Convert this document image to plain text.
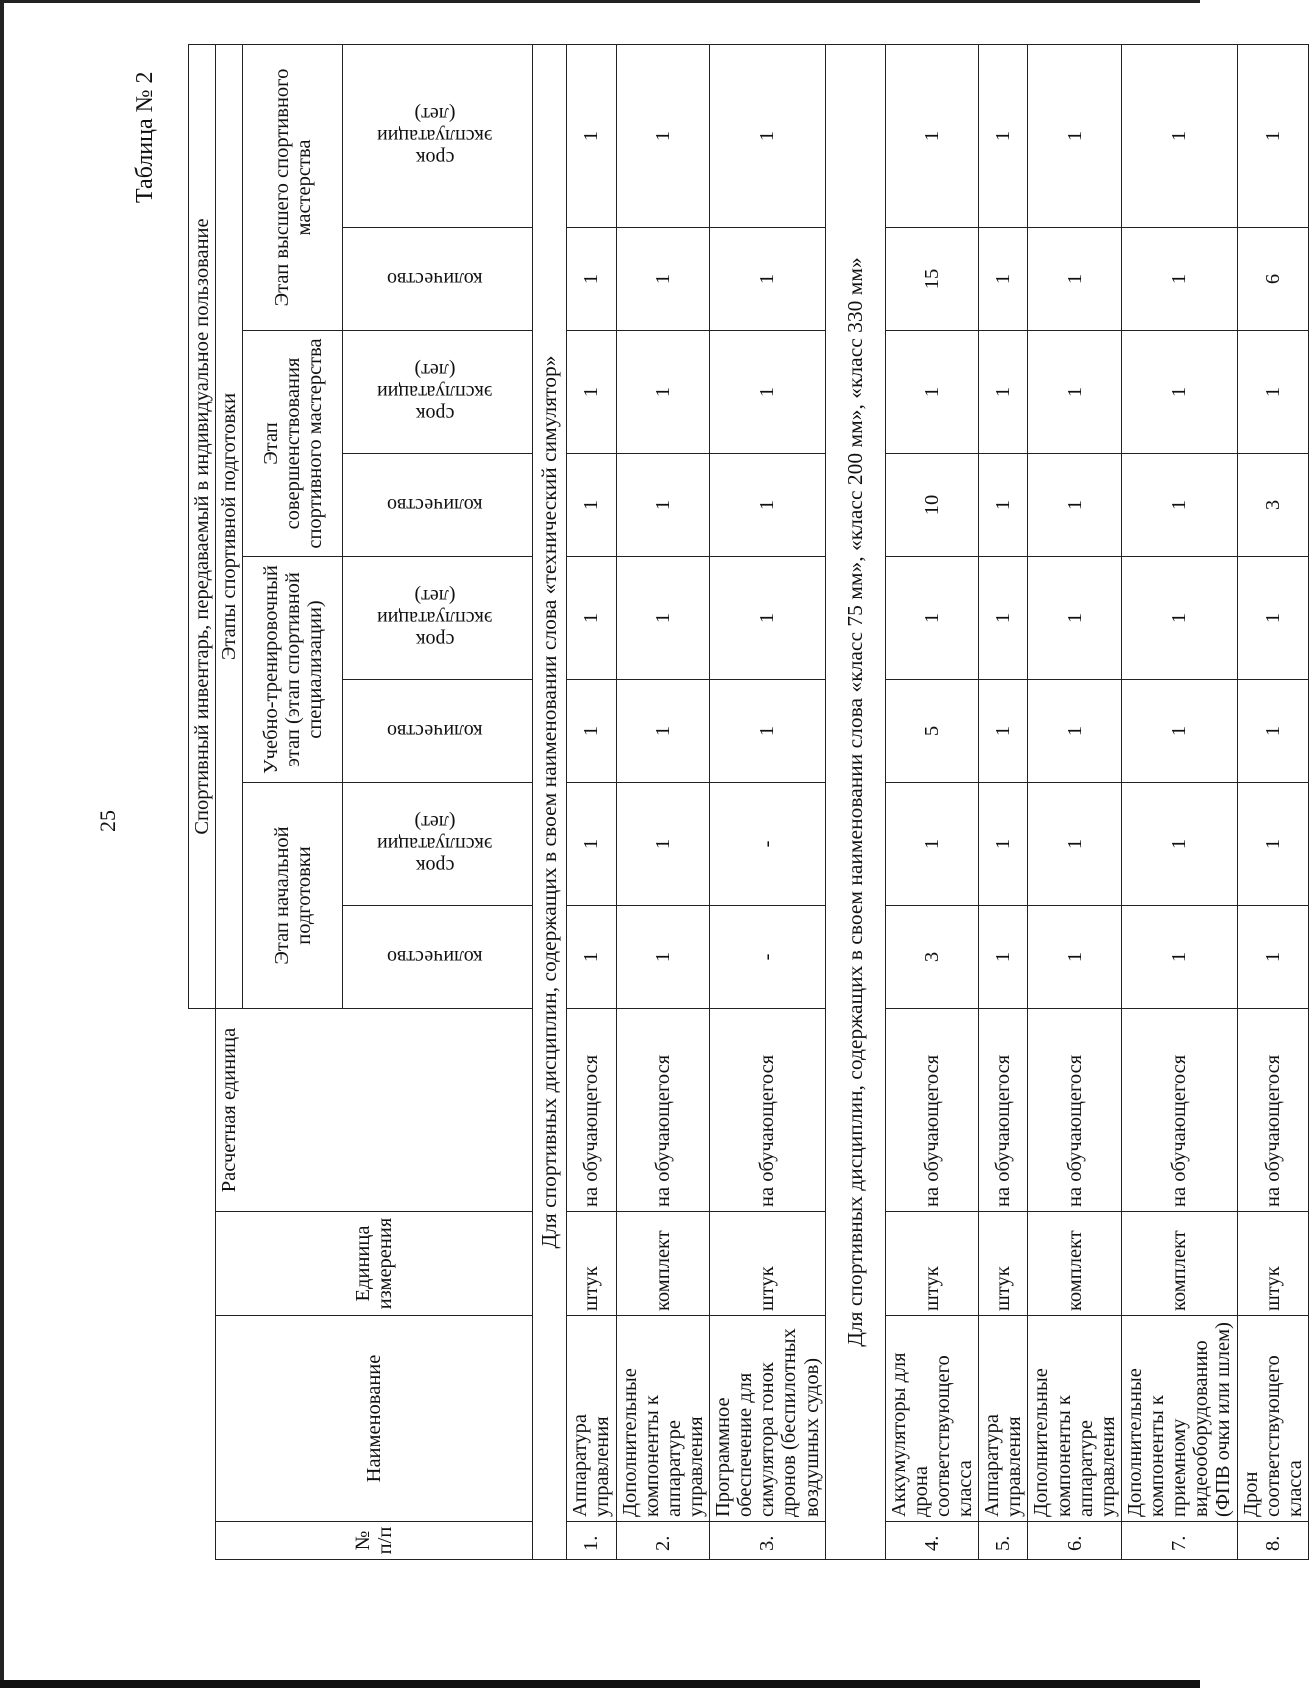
25
Таблица № 2
				Спортивный инвентарь, передаваемый в индивидуальное пользование							
№ п/п	Наименование	Единица измерения	Расчетная единица	Этапы спортивной подготовки							
				Этап начальной подготовки		Учебно-тренировочный этап (этап спортивной специализации)		Этап совершенствования спортивного мастерства		Этап высшего спортивного мастерства	
				количество	срок
эксплуатации
(лет)	количество	срок
эксплуатации
(лет)	количество	срок
эксплуатации
(лет)	количество	срок
эксплуатации
(лет)

Для спортивных дисциплин, содержащих в своем наименовании слова «технический симулятор»											
1.	Аппаратура управления	штук	на обучающегося	1	1	1	1	1	1	1	1
2.	Дополнительные компоненты к аппаратуре управления	комплект	на обучающегося	1	1	1	1	1	1	1	1
3.	Программное обеспечение для симулятора гонок дронов (беспилотных воздушных судов)	штук	на обучающегося	-	-	1	1	1	1	1	1
Для спортивных дисциплин, содержащих в своем наименовании слова «класс 75 мм», «класс 200 мм», «класс 330 мм»											
4.	Аккумуляторы для дрона соответствующего класса	штук	на обучающегося	3	1	5	1	10	1	15	1
5.	Аппаратура управления	штук	на обучающегося	1	1	1	1	1	1	1	1
6.	Дополнительные компоненты к аппаратуре управления	комплект	на обучающегося	1	1	1	1	1	1	1	1
7.	Дополнительные компоненты к приемному видеооборудованию (ФПВ очки или шлем)	комплект	на обучающегося	1	1	1	1	1	1	1	1
8.	Дрон соответствующего класса	штук	на обучающегося	1	1	1	1	3	1	6	1
